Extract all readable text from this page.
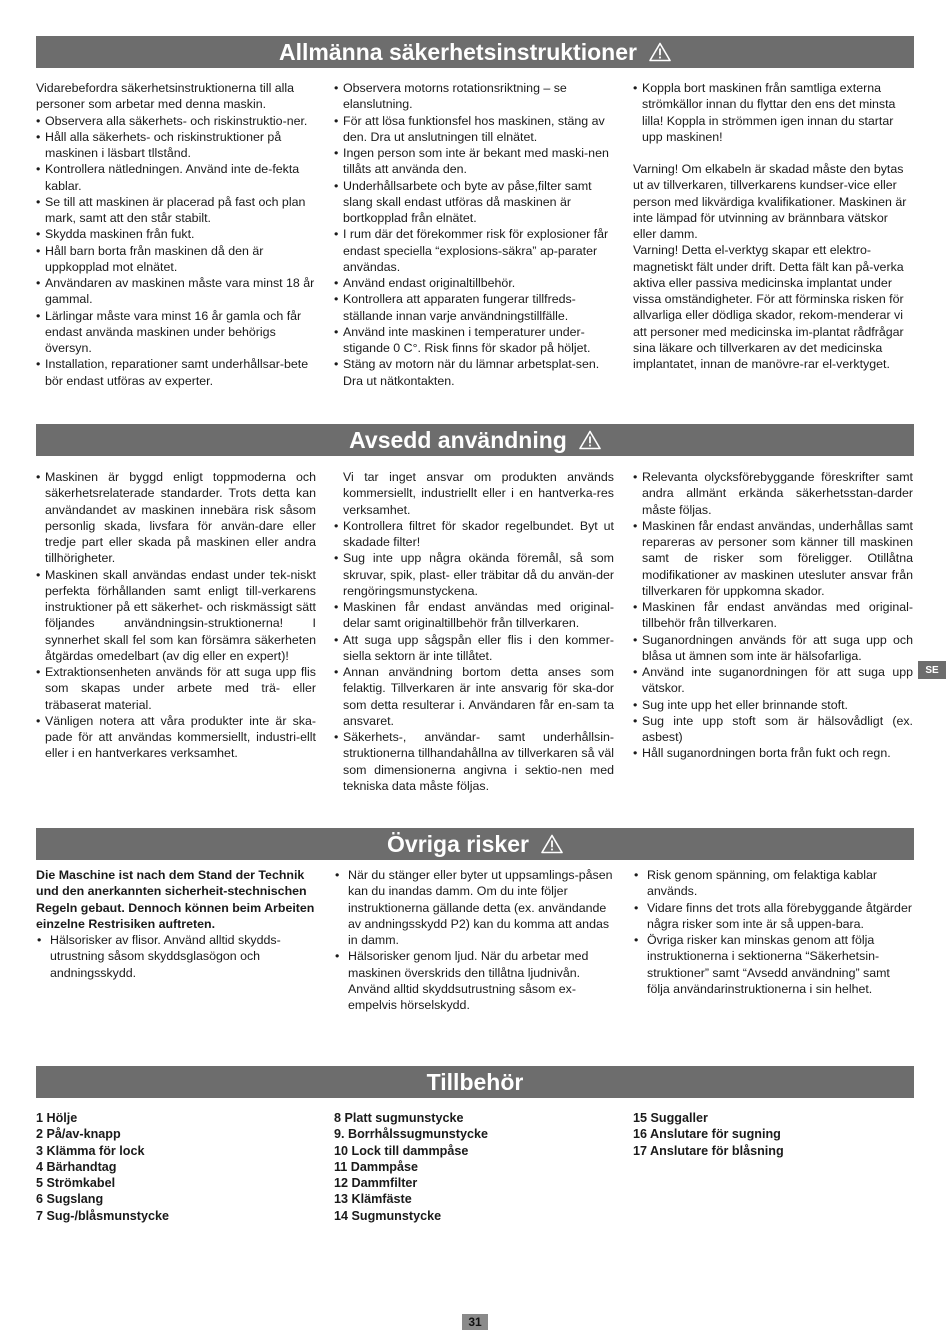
Allmänna säkerhetsinstruktioner

Vidarebefordra säkerhetsinstruktionerna till alla personer som arbetar med denna maskin.

• Observera alla säkerhets- och riskinstruktio-ner.
• Håll alla säkerhets- och riskinstruktioner på maskinen i läsbart tllstånd.
• Kontrollera nätledningen. Använd inte de-fekta kablar.
• Se till att maskinen är placerad på fast och plan mark, samt att den står stabilt.
• Skydda maskinen från fukt.
• Håll barn borta från maskinen då den är uppkopplad mot elnätet.
• Användaren av maskinen måste vara minst 18 år gammal.
• Lärlingar måste vara minst 16 år gamla och får endast använda maskinen under behörigs översyn.
• Installation, reparationer samt underhållsar-bete bör endast utföras av experter.
• Observera motorns rotationsriktning – se elanslutning.
• För att lösa funktionsfel hos maskinen, stäng av den. Dra ut anslutningen till elnätet.
• Ingen person som inte är bekant med maski-nen tillåts att använda den.
• Underhållsarbete och byte av påse,filter samt slang skall endast utföras då maskinen är bortkopplad från elnätet.
• I rum där det förekommer risk för explosioner får endast speciella “explosions-säkra” ap-parater användas.
• Använd endast originaltillbehör.
• Kontrollera att apparaten fungerar tillfreds-ställande innan varje användningstillfälle.
• Använd inte maskinen i temperaturer under-stigande 0 C°. Risk finns för skador på höljet.
• Stäng av motorn när du lämnar arbetsplat-sen. Dra ut nätkontakten.
• Koppla bort maskinen från samtliga externa strömkällor innan du flyttar den ens det minsta lilla! Koppla in strömmen igen innan du startar upp maskinen!

Varning! Om elkabeln är skadad måste den bytas ut av tillverkaren, tillverkarens kundser-vice eller person med likvärdiga kvalifikationer. Maskinen är inte lämpad för utvinning av brännbara vätskor eller damm.

Varning! Detta el-verktyg skapar ett elektro-magnetiskt fält under drift. Detta fält kan på-verka aktiva eller passiva medicinska implantat under vissa omständigheter. För att förminska risken för allvarliga eller dödliga skador, rekom-menderar vi att personer med medicinska im-plantat rådfrågar sina läkare och tillverkaren av det medicinska implantatet, innan de manövre-rar el-verktyget.

Avsedd användning
• Maskinen är byggd enligt toppmoderna och säkerhetsrelaterade standarder. Trots detta kan användandet av maskinen innebära risk såsom personlig skada, livsfara för använ-dare eller tredje part eller skada på maskinen eller andra tillhörigheter.
• Maskinen skall användas endast under tek-niskt perfekta förhållanden samt enligt till-verkarens instruktioner på ett säkerhet- och riskmässigt sätt följandes användningsin-struktionerna! I synnerhet skall fel som kan försämra säkerheten åtgärdas omedelbart (av dig eller en expert)!
• Extraktionsenheten används för att suga upp flis som skapas under arbete med trä- eller träbaserat material.
• Vänligen notera att våra produkter inte är ska-pade för att användas kommersiellt, industri-ellt eller i en hantverkares verksamhet.

Vi tar inget ansvar om produkten används kommersiellt, industriellt eller i en hantverka-res verksamhet.

• Kontrollera filtret för skador regelbundet. Byt ut skadade filter!
• Sug inte upp några okända föremål, så som skruvar, spik, plast- eller träbitar då du använ-der rengöringsmunstyckena.
• Maskinen får endast användas med original-delar samt originaltillbehör från tillverkaren.
• Att suga upp sågspån eller flis i den kommer-siella sektorn är inte tillåtet.
• Annan användning bortom detta anses som felaktig. Tillverkaren är inte ansvarig för ska-dor som detta resulterar i. Användaren får en-sam ta ansvaret.
• Säkerhets-, användar- samt underhållsin-struktionerna tillhandahållna av tillverkaren så väl som dimensionerna angivna i sektio-nen med tekniska data måste följas.
• Relevanta olycksförebyggande föreskrifter samt andra allmänt erkända säkerhetsstan-darder måste följas.
• Maskinen får endast användas, underhållas samt repareras av personer som känner till maskinen samt de risker som föreligger. Otillåtna modifikationer av maskinen utesluter ansvar från tillverkaren för uppkomna skador.
• Maskinen får endast användas med original-tillbehör från tillverkaren.
• Suganordningen används för att suga upp och blåsa ut ämnen som inte är hälsofarliga.
• Använd inte suganordningen för att suga upp vätskor.
• Sug inte upp het eller brinnande stoft.
• Sug inte upp stoft som är hälsovådligt (ex. asbest)
• Håll suganordningen borta från fukt och regn.
SE
Övriga risker

Die Maschine ist nach dem Stand der Technik und den anerkannten sicherheit-stechnischen Regeln gebaut. Dennoch können beim Arbeiten einzelne Restrisiken auftreten.

• Hälsorisker av flisor. Använd alltid skydds-utrustning såsom skyddsglasögon och andningsskydd.
• När du stänger eller byter ut uppsamlings-påsen kan du inandas damm. Om du inte följer instruktionerna gällande detta (ex. användande av andningsskydd P2) kan du komma att andas in damm.
• Hälsorisker genom ljud. När du arbetar med maskinen överskrids den tillåtna ljudnivån. Använd alltid skyddsutrustning såsom ex-empelvis hörselskydd.
• Risk genom spänning, om felaktiga kablar används.
• Vidare finns det trots alla förebyggande åtgärder några risker som inte är så uppen-bara.
• Övriga risker kan minskas genom att följa instruktionerna i sektionerna “Säkerhetsin-struktioner” samt “Avsedd användning” samt följa användarinstruktionerna i sin helhet.
Tillbehör
1 Hölje
2 På/av-knapp
3 Klämma för lock
4 Bärhandtag
5 Strömkabel
6 Sugslang
7 Sug-/blåsmunstycke
8 Platt sugmunstycke
9. Borrhålssugmunstycke
10 Lock till dammpåse
11 Dammpåse
12 Dammfilter
13 Klämfäste
14 Sugmunstycke
15 Suggaller
16 Anslutare för sugning
17 Anslutare för blåsning
31
